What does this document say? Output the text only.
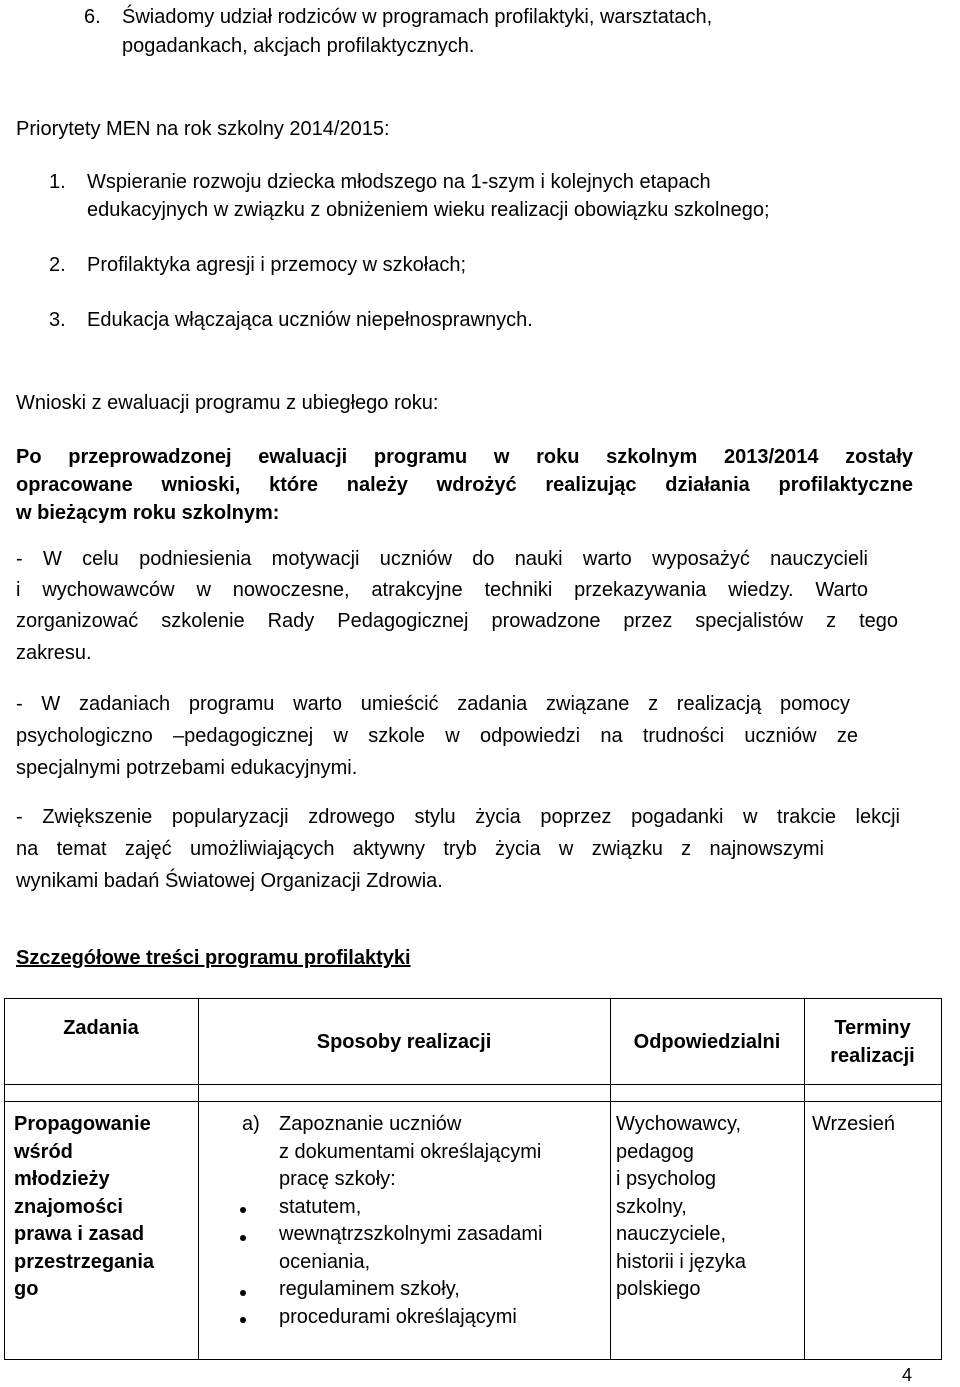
6. Świadomy udział rodziców w programach profilaktyki, warsztatach,
pogadankach, akcjach profilaktycznych.
Priorytety MEN na rok szkolny 2014/2015:
1. Wspieranie rozwoju dziecka młodszego na 1-szym i kolejnych etapach
edukacyjnych w związku z obniżeniem wieku realizacji obowiązku szkolnego;
2. Profilaktyka agresji i przemocy w szkołach;
3. Edukacja włączająca uczniów niepełnosprawnych.
Wnioski z ewaluacji programu z ubiegłego roku:
Po przeprowadzonej ewaluacji programu w roku szkolnym 2013/2014 zostały
opracowane wnioski, które należy wdrożyć realizując działania profilaktyczne
w bieżącym roku szkolnym:
- W celu podniesienia motywacji uczniów do nauki warto wyposażyć nauczycieli
i wychowawców w nowoczesne, atrakcyjne techniki przekazywania wiedzy. Warto
zorganizować szkolenie Rady Pedagogicznej prowadzone przez specjalistów z tego
zakresu.
- W zadaniach programu warto umieścić zadania związane z realizacją pomocy
psychologiczno –pedagogicznej w szkole w odpowiedzi na trudności uczniów ze
specjalnymi potrzebami edukacyjnymi.
- Zwiększenie popularyzacji zdrowego stylu życia poprzez pogadanki w trakcie lekcji
na temat zajęć umożliwiających aktywny tryb życia w związku z najnowszymi
wynikami badań Światowej Organizacji Zdrowia.
Szczegółowe treści programu profilaktyki
Zadania
Sposoby realizacji	Odpowiedzialni
Terminy
realizacji
Propagowanie
wśród
młodzieży
znajomości
prawa i zasad
przestrzegania
go
a) Zapoznanie uczniów
z dokumentami określającymi
pracę szkoły:
statutem,
wewnątrzszkolnymi zasadami
oceniania,
regulaminem szkoły,
procedurami określającymi
Wychowawcy,
pedagog
i psycholog
szkolny,
nauczyciele,
historii i języka
polskiego
Wrzesień
4
